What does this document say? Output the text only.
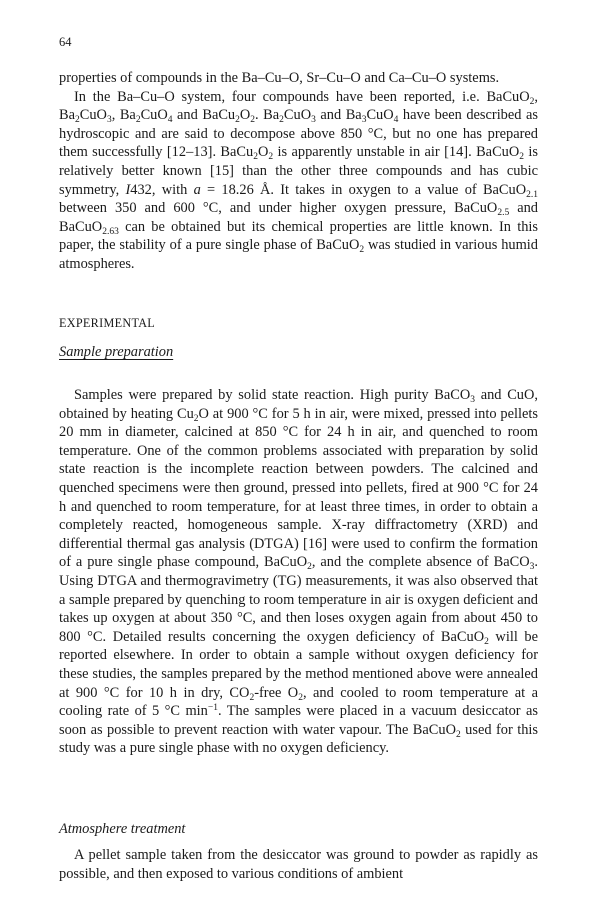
64

properties of compounds in the Ba–Cu–O, Sr–Cu–O and Ca–Cu–O systems.

In the Ba–Cu–O system, four compounds have been reported, i.e. BaCuO$_2$, $Ba_2CuO_3$, $Ba_2CuO_4$ and $BaCu_2O_2$. $Ba_2CuO_3$ and $Ba_3CuO_4$ have been described as hydroscopic and are said to decompose above 850 °C, but no one has prepared them successfully [12–13]. $BaCu_2O_2$ is apparently unstable in air [14]. BaCuO$_2$ is relatively better known [15] than the other three compounds and has cubic symmetry, I432, with a = 18.26 Å. It takes in oxygen to a value of BaCuO$_{2.1}$ between 350 and 600 °C, and under higher oxygen pressure, BaCuO$_{2.5}$ and BaCuO$_{2.63}$ can be obtained but its chemical properties are little known. In this paper, the stability of a pure single phase of BaCuO$_2$ was studied in various humid atmospheres.

EXPERIMENTAL
Sample preparation

Samples were prepared by solid state reaction. High purity BaCO$_3$ and CuO, obtained by heating $Cu_2O$ at 900 °C for 5 h in air, were mixed, pressed into pellets 20 mm in diameter, calcined at 850 °C for 24 h in air, and quenched to room temperature. One of the common problems associated with preparation by solid state reaction is the incomplete reaction between powders. The calcined and quenched specimens were then ground, pressed into pellets, fired at 900 °C for 24 h and quenched to room temperature, for at least three times, in order to obtain a completely reacted, homogeneous sample. X-ray diffractometry (XRD) and differential thermal gas analysis (DTGA) [16] were used to confirm the formation of a pure single phase compound, BaCuO$_2$, and the complete absence of BaCO$_3$. Using DTGA and thermogravimetry (TG) measurements, it was also observed that a sample prepared by quenching to room temperature in air is oxygen deficient and takes up oxygen at about 350 °C, and then loses oxygen again from about 450 to 800 °C. Detailed results concerning the oxygen deficiency of BaCuO$_2$ will be reported elsewhere. In order to obtain a sample without oxygen deficiency for these studies, the samples prepared by the method mentioned above were annealed at 900 °C for 10 h in dry, $CO_2$-free $O_2$, and cooled to room temperature at a cooling rate of 5 °C $\min^{-1}$. The samples were placed in a vacuum desiccator as soon as possible to prevent reaction with water vapour. The BaCuO$_2$ used for this study was a pure single phase with no oxygen deficiency.

Atmosphere treatment

A pellet sample taken from the desiccator was ground to powder as rapidly as possible, and then exposed to various conditions of ambient
